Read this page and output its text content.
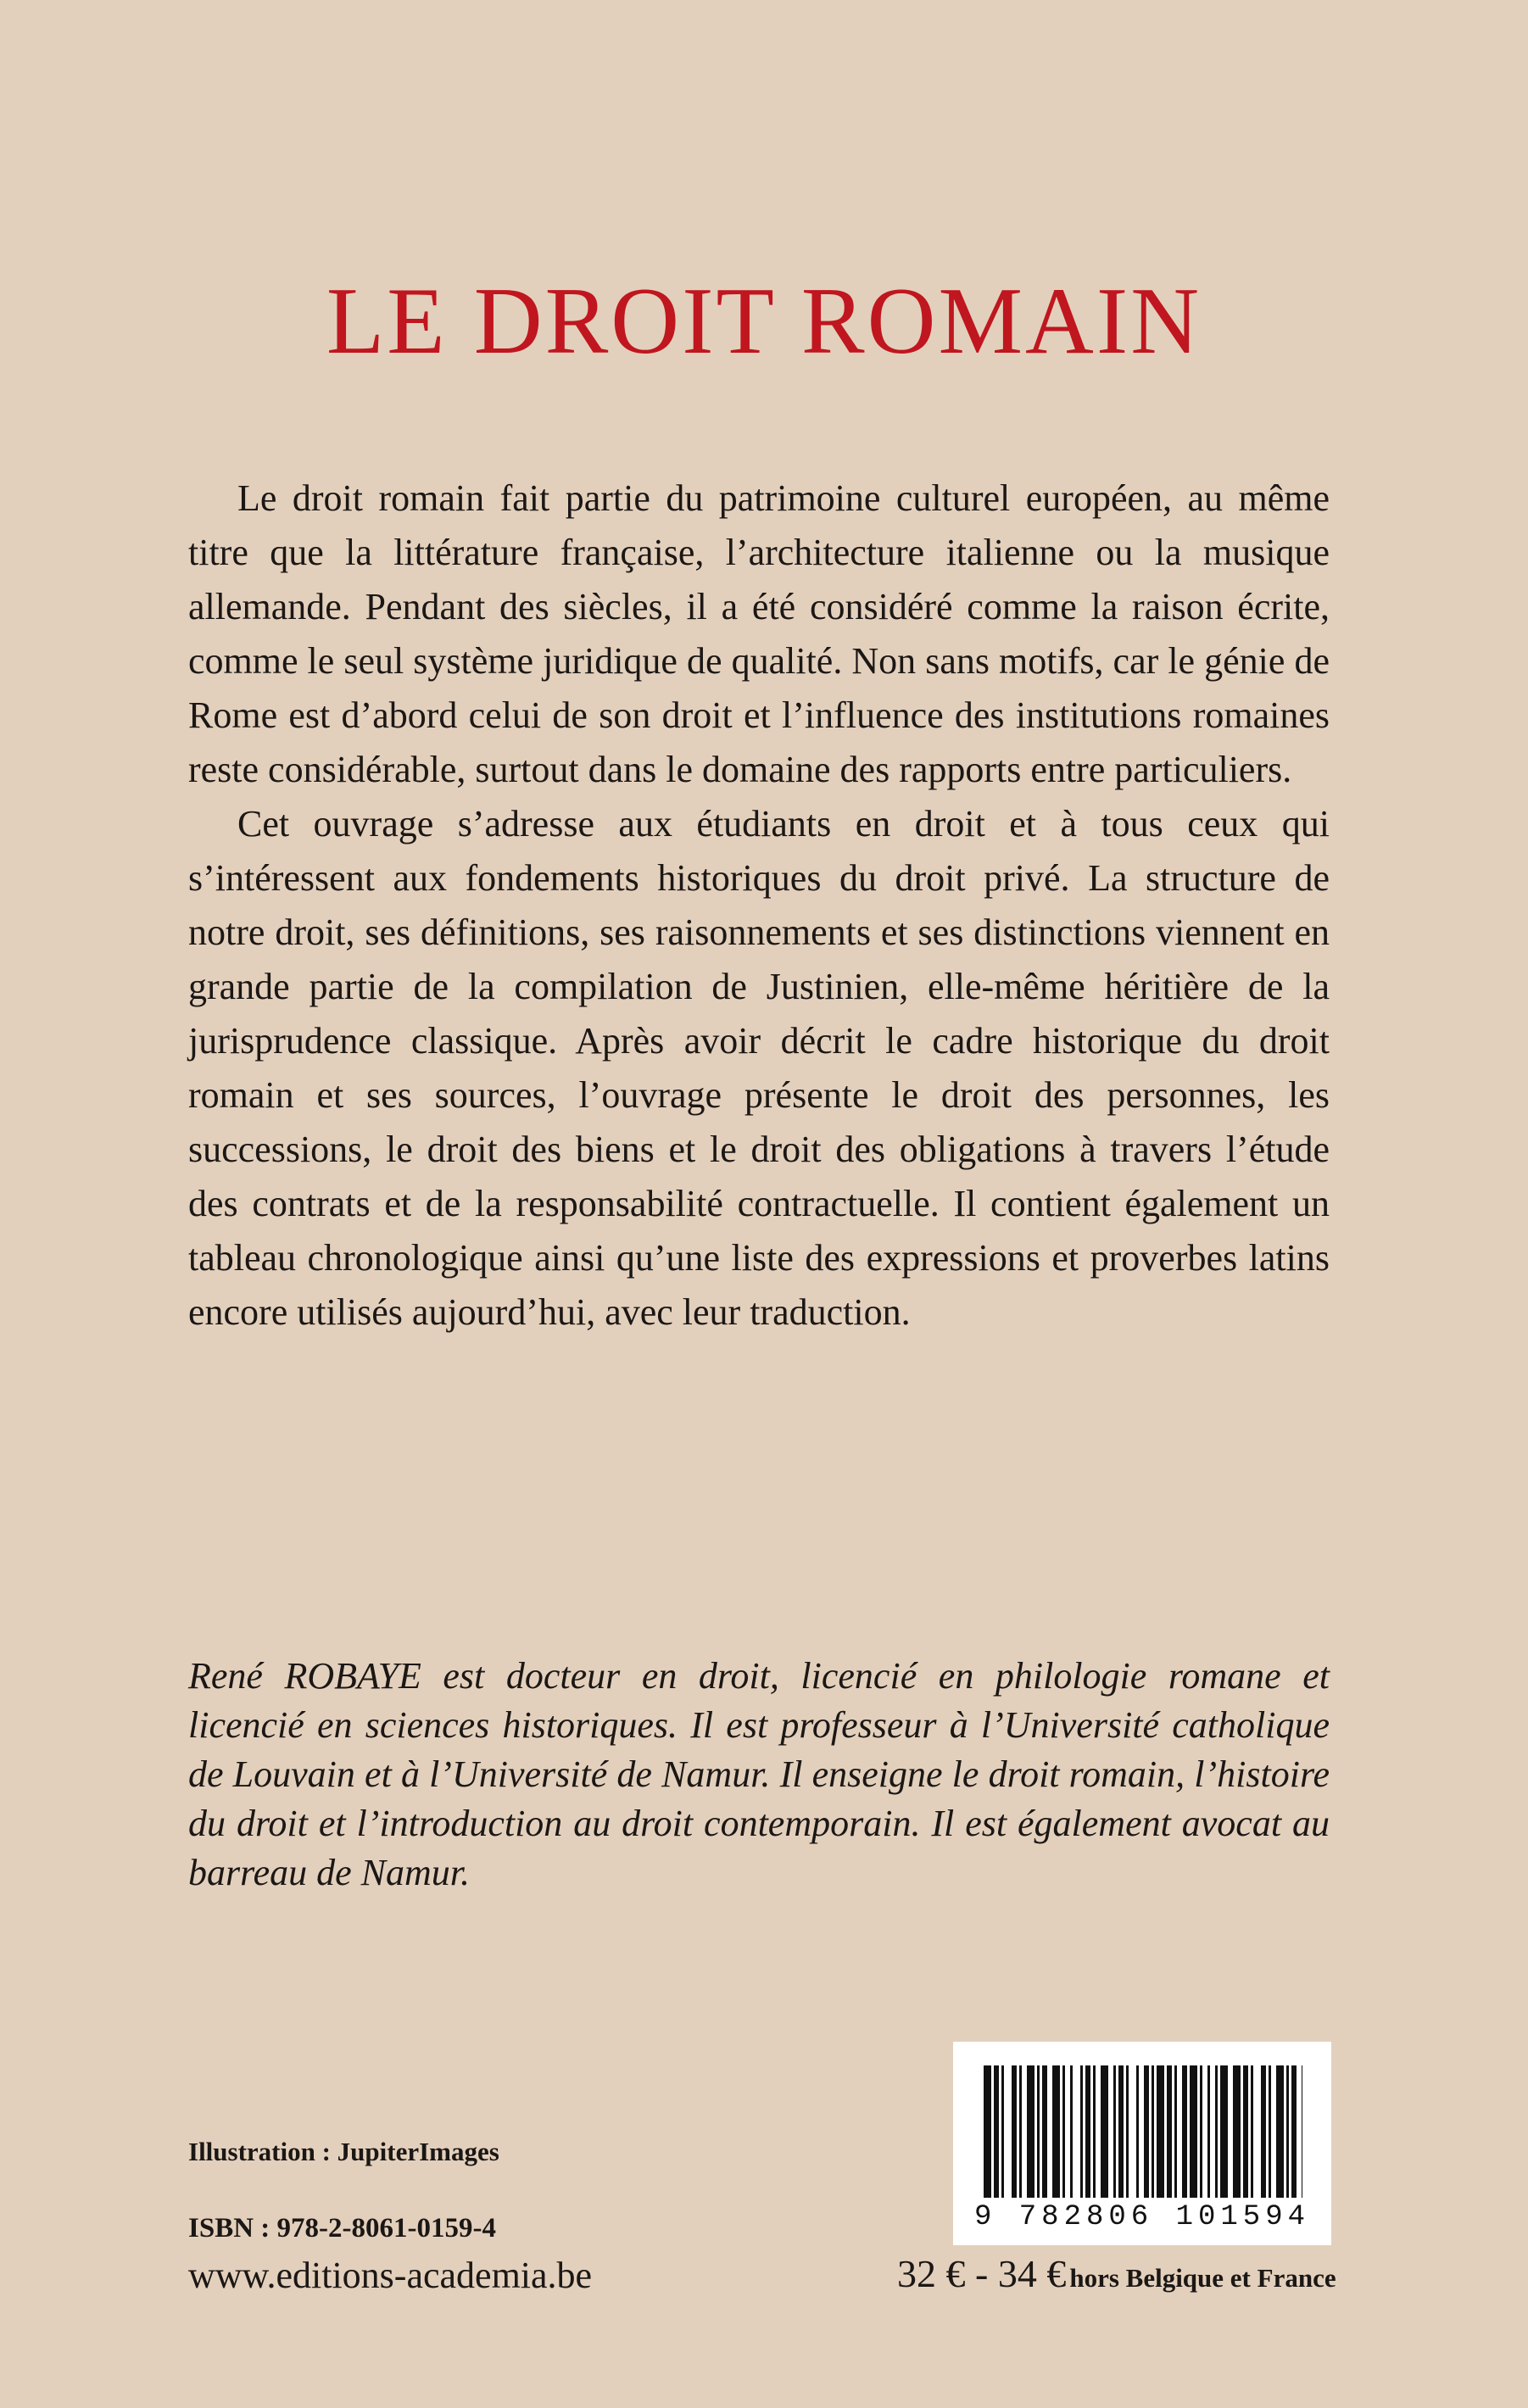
LE DROIT ROMAIN

Le droit romain fait partie du patrimoine culturel européen, au même titre que la littérature française, l’architecture italienne ou la musique allemande. Pendant des siècles, il a été considéré comme la raison écrite, comme le seul système juridique de qualité. Non sans motifs, car le génie de Rome est d’abord celui de son droit et l’influence des institutions romaines reste considérable, surtout dans le domaine des rapports entre particuliers.

Cet ouvrage s’adresse aux étudiants en droit et à tous ceux qui s’intéressent aux fondements historiques du droit privé. La structure de notre droit, ses définitions, ses raisonnements et ses distinctions viennent en grande partie de la compilation de Justinien, elle-même héritière de la jurisprudence classique. Après avoir décrit le cadre historique du droit romain et ses sources, l’ouvrage présente le droit des personnes, les successions, le droit des biens et le droit des obligations à travers l’étude des contrats et de la responsabilité contractuelle. Il contient également un tableau chronologique ainsi qu’une liste des expressions et proverbes latins encore utilisés aujourd’hui, avec leur traduction.

René ROBAYE est docteur en droit, licencié en philologie romane et licencié en sciences historiques. Il est professeur à l’Université catholique de Louvain et à l’Université de Namur. Il enseigne le droit romain, l’histoire du droit et l’introduction au droit contemporain. Il est également avocat au barreau de Namur.
Illustration : JupiterImages
ISBN : 978-2-8061-0159-4
www.editions-academia.be
9 782806 101594
32 € - 34 € hors Belgique et France
